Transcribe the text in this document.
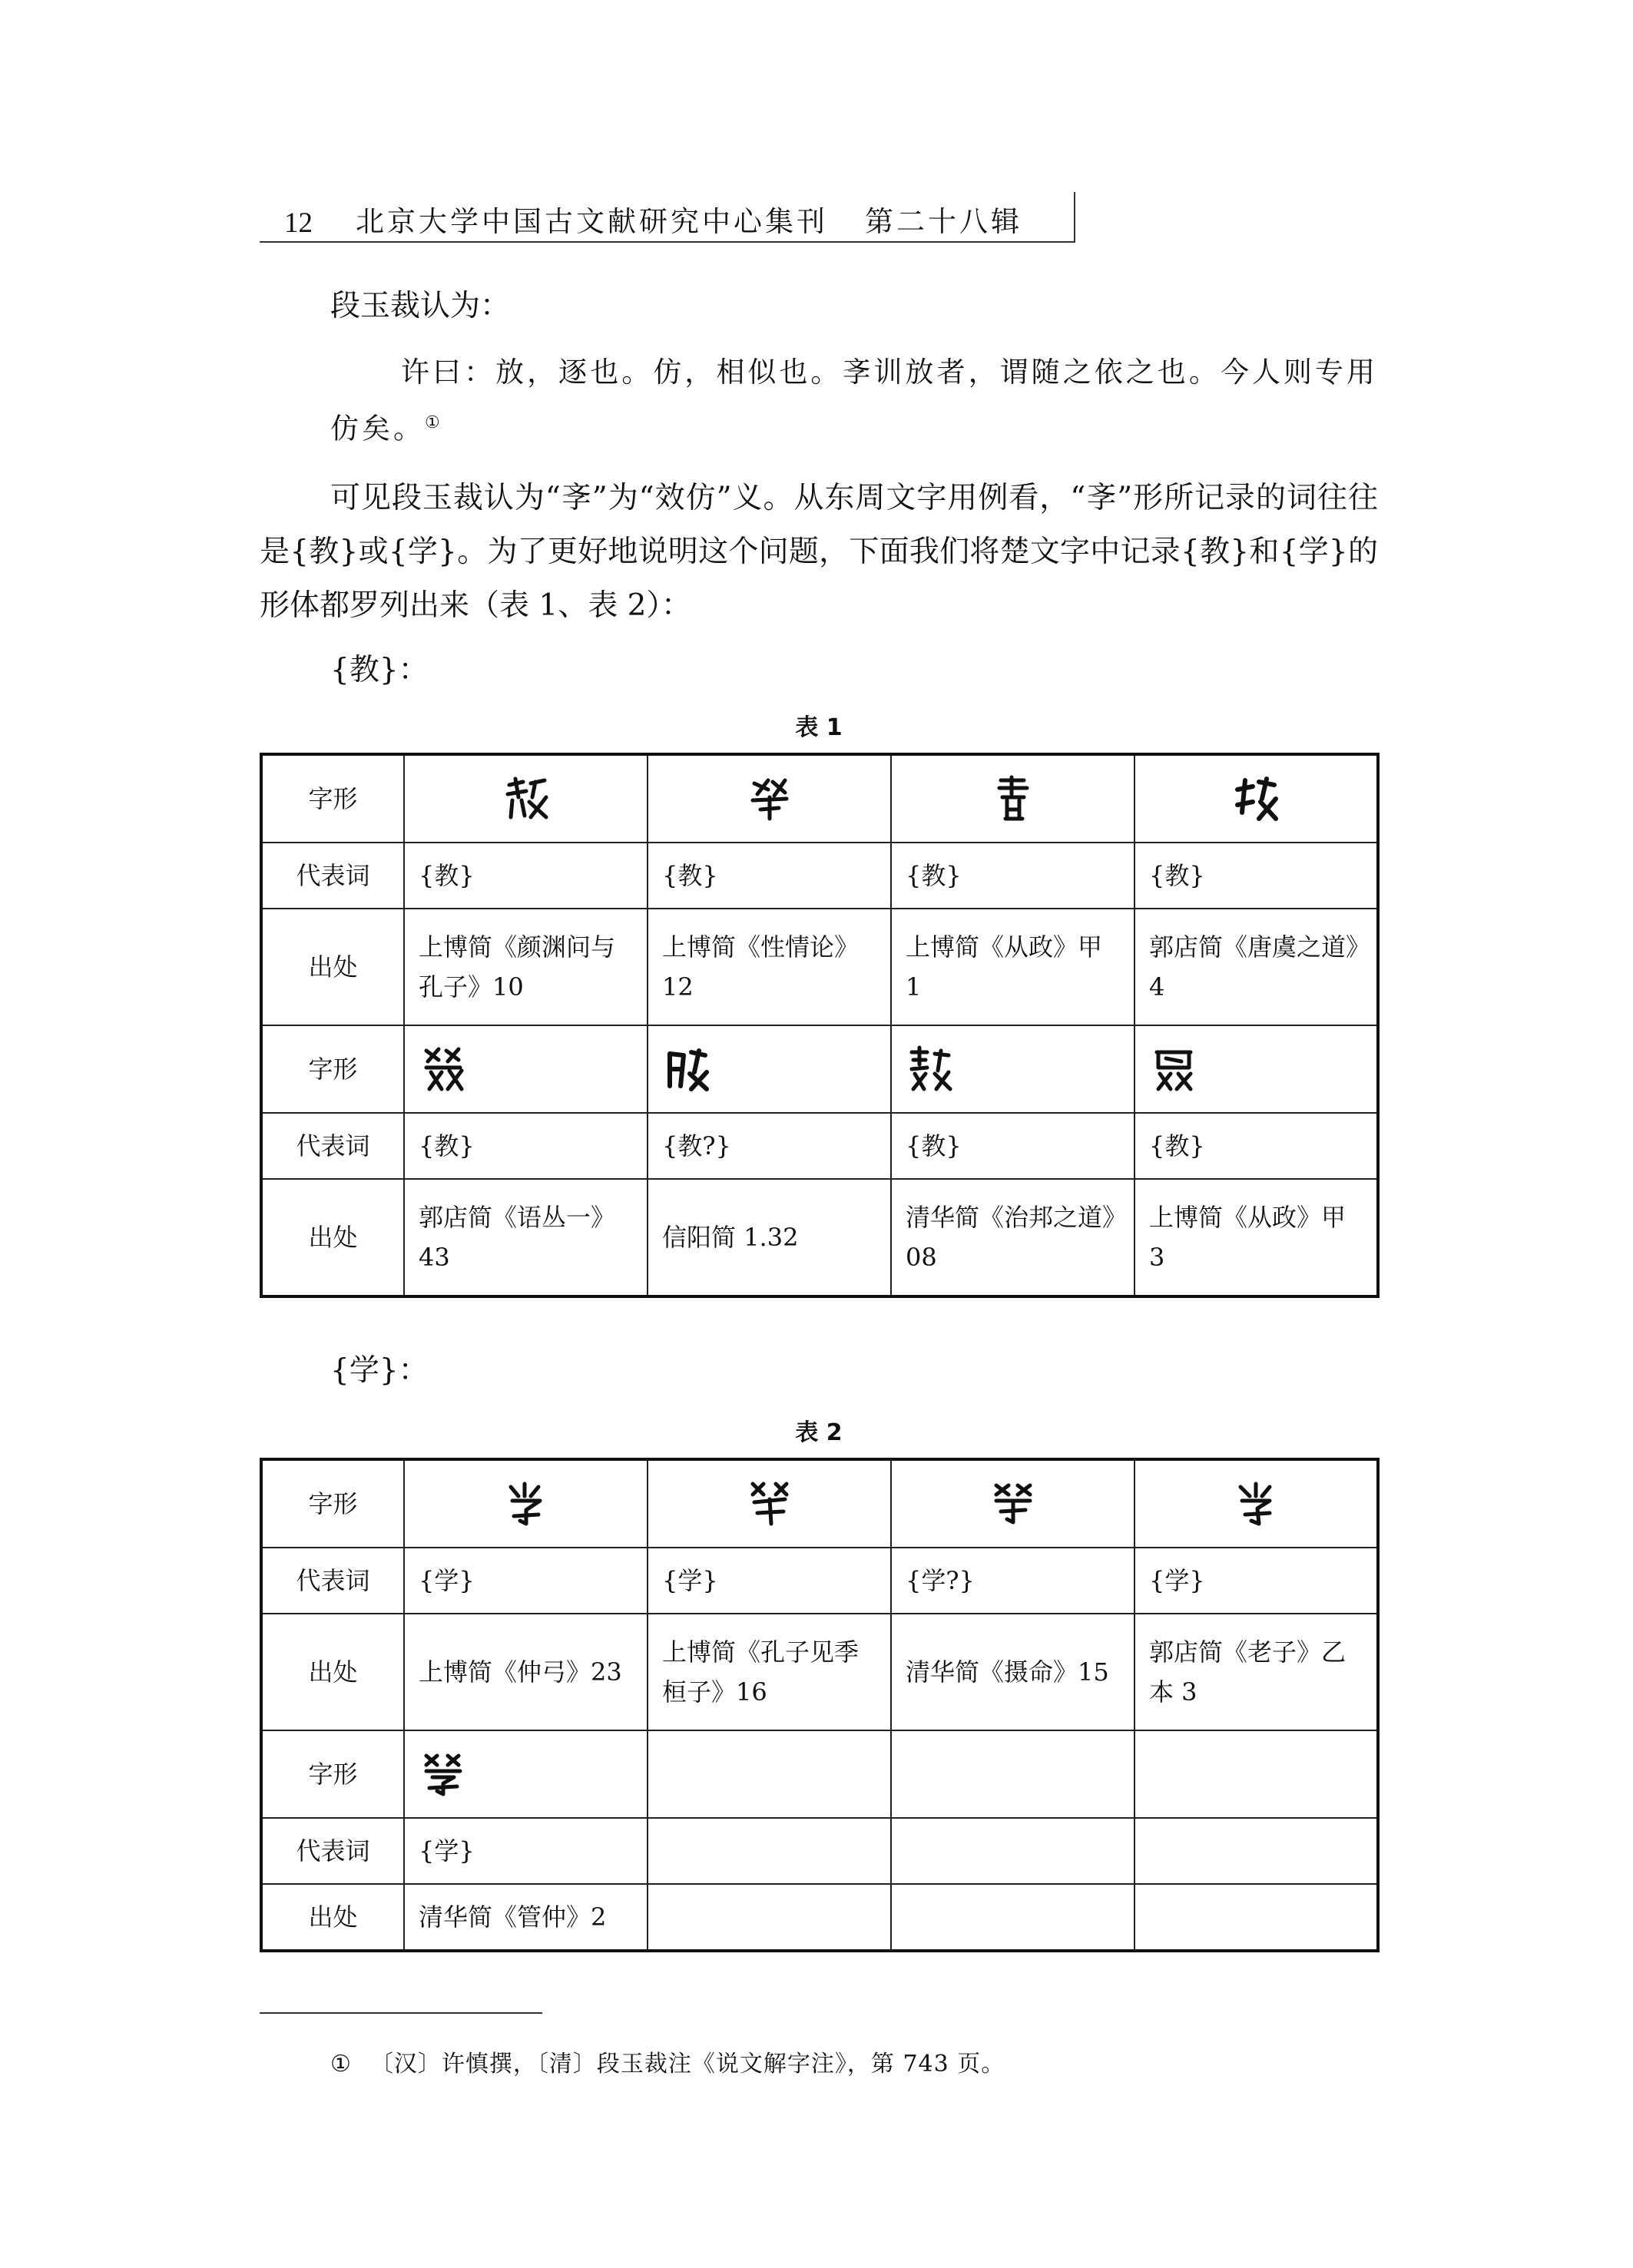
12 北京大学中国古文献研究中心集刊 第二十八辑

段玉裁认为：

许曰：放，逐也。仿，相似也。斈训放者，谓随之依之也。今人则专用仿矣。①

可见段玉裁认为“斈”为“效仿”义。从东周文字用例看，“斈”形所记录的词往往是{教}或{学}。为了更好地说明这个问题，下面我们将楚文字中记录{教}和{学}的形体都罗列出来（表 1、表 2）：

{教}：

表 1
字形				
代表词	{教}	{教}	{教}	{教}
出处	上博简《颜渊问与孔子》10	上博简《性情论》12	上博简《从政》甲 1	郭店简《唐虞之道》4
字形	

代表词	{教}	{教?}	{教}	{教}
出处	郭店简《语丛一》43	信阳简 1.32	清华简《治邦之道》08	上博简《从政》甲 3

{学}：

表 2
字形				
代表词	{学}	{学}	{学?}	{学}
出处	上博简《仲弓》23	上博简《孔子见季桓子》16	清华简《摄命》15	郭店简《老子》乙本 3
字形	

代表词	{学}			
出处	清华简《管仲》2			
① 〔汉〕许慎撰，〔清〕段玉裁注《说文解字注》，第 743 页。
